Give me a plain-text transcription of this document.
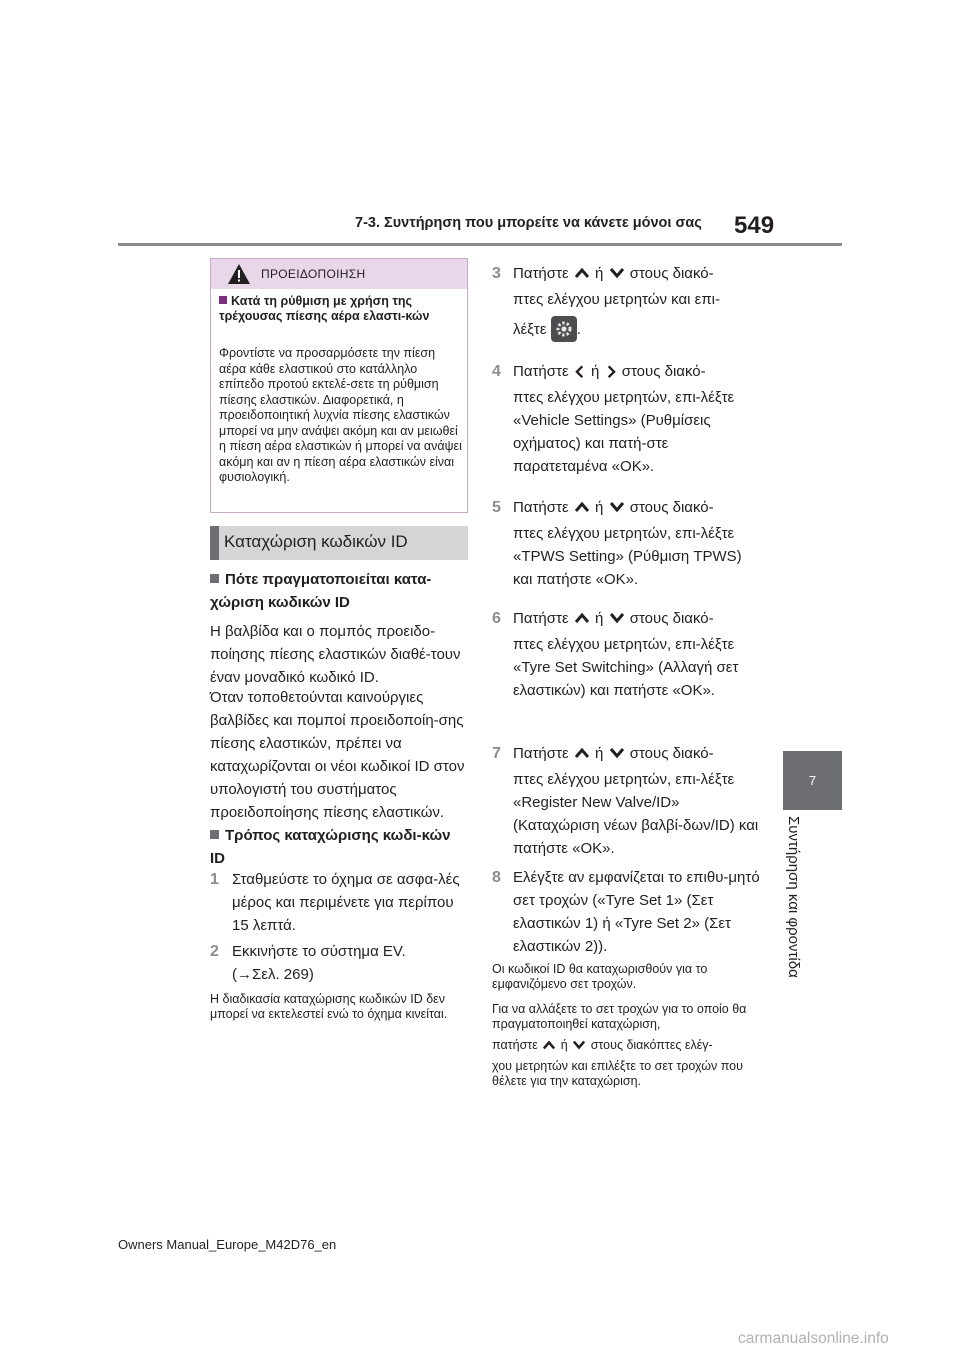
7-3. Συντήρηση που μπορείτε να κάνετε μόνοι σας 549
7
Συντήρηση και φροντίδα
ΠΡΟΕΙΔΟΠΟΙΗΣΗ
Κατά τη ρύθμιση με χρήση της τρέχουσας πίεσης αέρα ελαστι-κών
Φροντίστε να προσαρμόσετε την πίεση αέρα κάθε ελαστικού στο κατάλληλο επίπεδο προτού εκτελέ-σετε τη ρύθμιση πίεσης ελαστικών. Διαφορετικά, η προειδοποιητική λυχνία πίεσης ελαστικών μπορεί να μην ανάψει ακόμη και αν μειωθεί η πίεση αέρα ελαστικών ή μπορεί να ανάψει ακόμη και αν η πίεση αέρα ελαστικών είναι φυσιολογική.
Καταχώριση κωδικών ID
Πότε πραγματοποιείται κατα-χώριση κωδικών ID
Η βαλβίδα και ο πομπός προειδο-ποίησης πίεσης ελαστικών διαθέ-τουν έναν μοναδικό κωδικό ID.
Όταν τοποθετούνται καινούργιες βαλβίδες και πομποί προειδοποίη-σης πίεσης ελαστικών, πρέπει να καταχωρίζονται οι νέοι κωδικοί ID στον υπολογιστή του συστήματος προειδοποίησης πίεσης ελαστικών.
Τρόπος καταχώρισης κωδι-κών ID
1 Σταθμεύστε το όχημα σε ασφα-λές μέρος και περιμένετε για περίπου 15 λεπτά.
2 Εκκινήστε το σύστημα EV.
(→Σελ. 269)
Η διαδικασία καταχώρισης κωδικών ID δεν μπορεί να εκτελεστεί ενώ το όχημα κινείται.
3 Πατήστε ή στους διακό-
πτες ελέγχου μετρητών και επι-
λέξτε .
4 Πατήστε ή στους διακό-
πτες ελέγχου μετρητών, επι-λέξτε «Vehicle Settings» (Ρυθμίσεις οχήματος) και πατή-στε παρατεταμένα «OK».
5 Πατήστε ή στους διακό-
πτες ελέγχου μετρητών, επι-λέξτε «TPWS Setting» (Ρύθμιση TPWS) και πατήστε «OK».
6 Πατήστε ή στους διακό-
πτες ελέγχου μετρητών, επι-λέξτε «Tyre Set Switching» (Αλλαγή σετ ελαστικών) και πατήστε «OK».
7 Πατήστε ή στους διακό-
πτες ελέγχου μετρητών, επι-λέξτε «Register New Valve/ID» (Καταχώριση νέων βαλβί-δων/ID) και πατήστε «OK».
8 Ελέγξτε αν εμφανίζεται το επιθυ-μητό σετ τροχών («Tyre Set 1» (Σετ ελαστικών 1) ή «Tyre Set 2» (Σετ ελαστικών 2)).
Οι κωδικοί ID θα καταχωρισθούν για το εμφανιζόμενο σετ τροχών.
Για να αλλάξετε το σετ τροχών για το οποίο θα πραγματοποιηθεί καταχώριση,
πατήστε ή στους διακόπτες ελέγ-
χου μετρητών και επιλέξτε το σετ τροχών που θέλετε για την καταχώριση.
Owners Manual_Europe_M42D76_en
carmanualsonline.info
